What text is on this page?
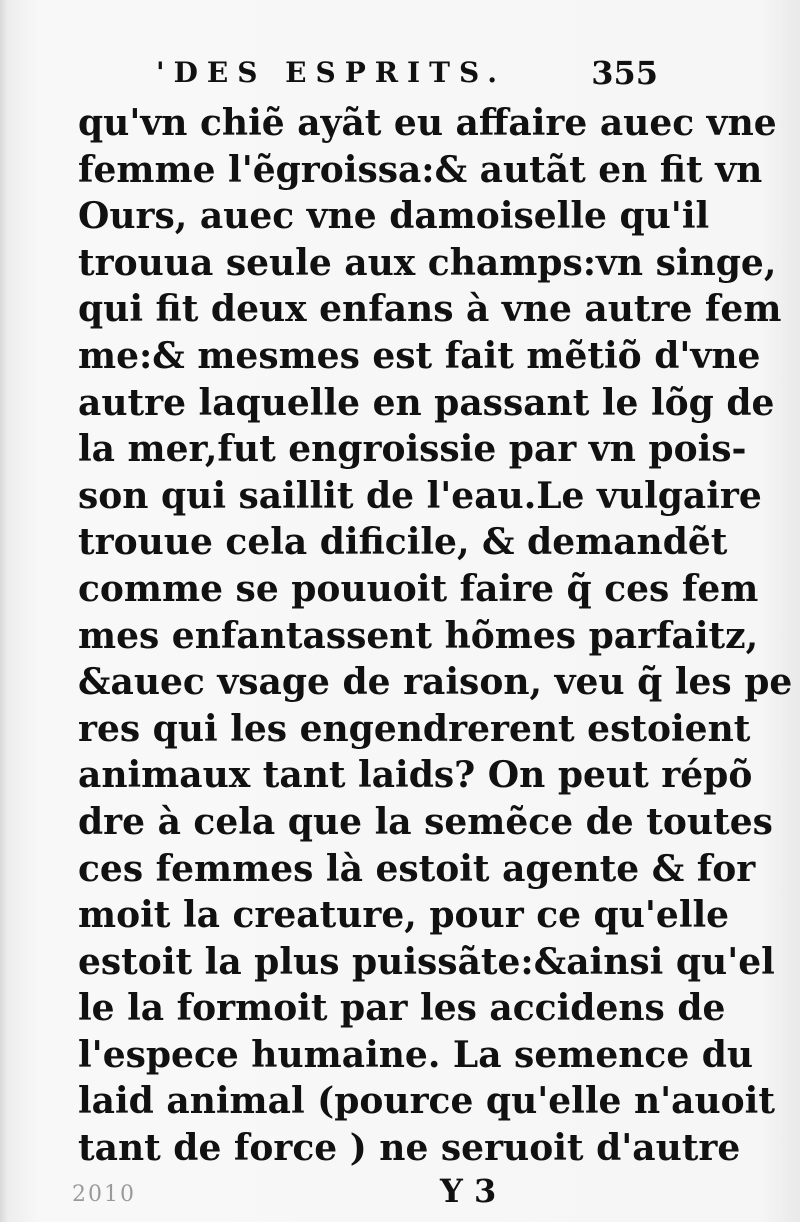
'DES ESPRITS.	355
qu'vn chiẽ ayãt eu affaire auec vne
femme l'ẽgroissa:& autãt en fit vn
Ours, auec vne damoiselle qu'il
trouua seule aux champs:vn singe,
qui fit deux enfans à vne autre fem
me:& mesmes est fait mẽtiõ d'vne
autre laquelle en passant le lõg de
la mer,fut engroissie par vn pois-
son qui saillit de l'eau.Le vulgaire
trouue cela dificile, & demandẽt
comme se pouuoit faire q̃ ces fem
mes enfantassent hõmes parfaitz,
&auec vsage de raison, veu q̃ les pe
res qui les engendrerent estoient
animaux tant laids? On peut répõ
dre à cela que la semẽce de toutes
ces femmes là estoit agente & for
moit la creature, pour ce qu'elle
estoit la plus puissãte:&ainsi qu'el
le la formoit par les accidens de
l'espece humaine. La semence du
laid animal (pource qu'elle n'auoit
tant de force ) ne seruoit d'autre
2010	Y 3
